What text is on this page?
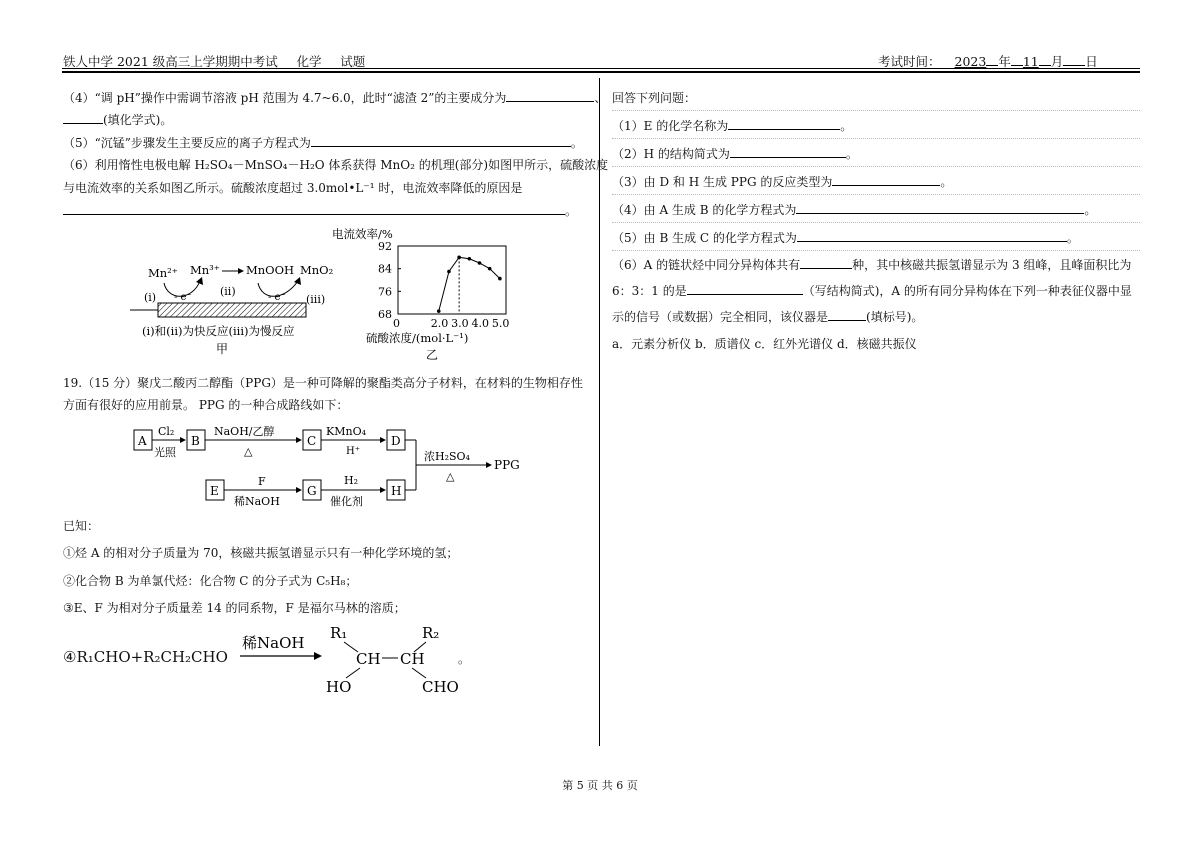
铁人中学 2021 级高三上学期期中考试___化学___试题	考试时间： 2023 年 11 月 日
（4）“调 pH”操作中需调节溶液 pH 范围为 4.7~6.0，此时“滤渣 2”的主要成分为	、
(填化学式)。
（5）“沉锰”步骤发生主要反应的离子方程式为	。
（6）利用惰性电极电解 H₂SO₄－MnSO₄－H₂O 体系获得 MnO₂ 的机理(部分)如图甲所示，硫酸浓度
与电流效率的关系如图乙所示。硫酸浓度超过 3.0mol•L⁻¹ 时，电流效率降低的原因是
。
Mn²⁺ Mn³⁺ MnOOH MnO₂
(i) - e⁻	(ii)	- e⁻ (iii)
(i)和(ii)为快反应(iii)为慢反应
甲
电流效率/%
68
76
84
92
2.0 3.0 4.0 5.0
0
硫酸浓度/(mol·L⁻¹)
乙
19.（15 分）聚戊二酸丙二醇酯（PPG）是一种可降解的聚酯类高分子材料，在材料的生物相存性
方面有很好的应用前景。 PPG 的一种合成路线如下：
A
Cl₂
光照
B
NaOH/乙醇
△
C
KMnO₄
H⁺
D
E
F
稀NaOH
G
H₂
催化剂
H
浓H₂SO₄
△
PPG
已知：
①烃 A 的相对分子质量为 70，核磁共振氢谱显示只有一种化学环境的氢；
②化合物 B 为单氯代烃：化合物 C 的分子式为 C₅H₈；
③E、F 为相对分子质量差 14 的同系物，F 是福尔马林的溶质；
④R₁CHO+R₂CH₂CHO
稀NaOH
R₁
CH CH
R₂
HO	CHO
。
回答下列问题：
（1）E 的化学名称为	。
（2）H 的结构简式为	。
（3）由 D 和 H 生成 PPG 的反应类型为	。
（4）由 A 生成 B 的化学方程式为	。
（5）由 B 生成 C 的化学方程式为	。
（6）A 的链状烃中同分异构体共有	种，其中核磁共振氢谱显示为 3 组峰，且峰面积比为
6：3：1 的是	（写结构简式)，A 的所有同分异构体在下列一种表征仪器中显
示的信号（或数据）完全相同，该仪器是	(填标号)。
a．元素分析仪 b．质谱仪 c．红外光谱仪 d．核磁共振仪
第 5 页 共 6 页
